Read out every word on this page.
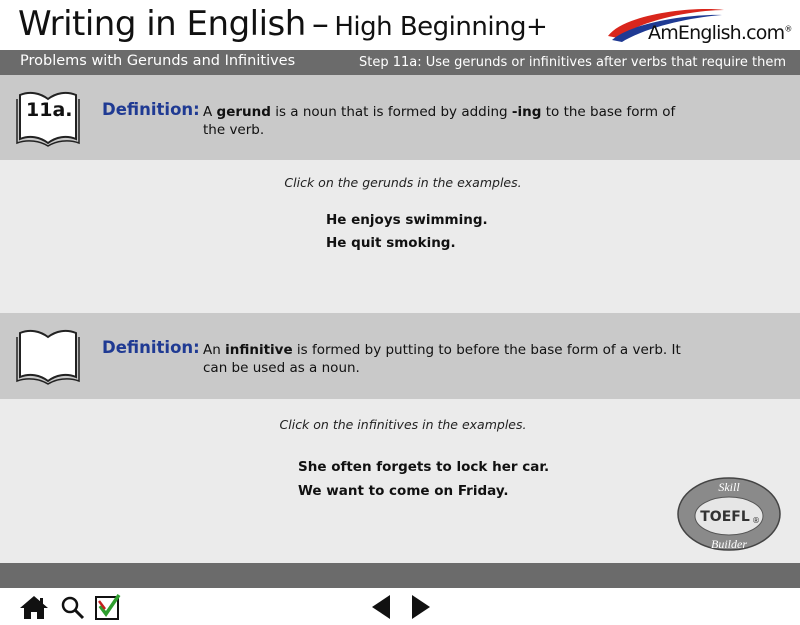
Writing in English – High Beginning+	AmEnglish.com®
Problems with Gerunds and Infinitives	Step 11a: Use gerunds or infinitives after verbs that require them
11a. Definition: A gerund is a noun that is formed by adding -ing to the base form of the verb.
Click on the gerunds in the examples.
He enjoys swimming.
He quit smoking.
Definition: An infinitive is formed by putting to before the base form of a verb. It can be used as a noun.
Click on the infinitives in the examples.
She often forgets to lock her car.
We want to come on Friday.	Skill
TOEFL ®
Builder
